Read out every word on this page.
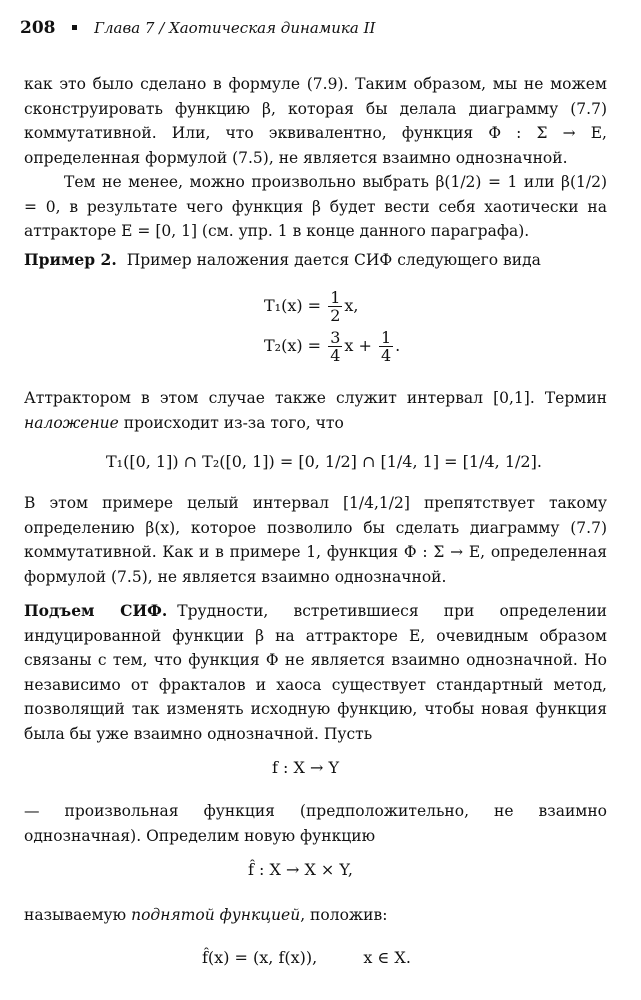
208	Глава 7 / Хаотическая динамика II
как это было сделано в формуле (7.9). Таким образом, мы не можем сконструировать функцию β, которая бы делала диаграмму (7.7) коммутативной. Или, что эквивалентно, функция Φ : Σ → E, определенная формулой (7.5), не является взаимно однозначной.
Тем не менее, можно произвольно выбрать β(1/2) = 1 или β(1/2) = 0, в результате чего функция β будет вести себя хаотически на аттракторе E = [0, 1] (см. упр. 1 в конце данного параграфа).
Пример 2. Пример наложения дается СИФ следующего вида
$T_1(x) = \frac{1}{2} x$,
$T_2(x) = \frac{3}{4}$ $x + \frac{1}{4}$ .
Аттрактором в этом случае также служит интервал [0,1]. Термин наложение происходит из-за того, что
T₁([0, 1]) ∩ T₂([0, 1]) = [0, 1/2] ∩ [1/4, 1] = [1/4, 1/2].
В этом примере целый интервал [1/4,1/2] препятствует такому определению β(x), которое позволило бы сделать диаграмму (7.7) коммутативной. Как и в примере 1, функция Φ : Σ → E, определенная формулой (7.5), не является взаимно однозначной.
Подъем СИФ. Трудности, встретившиеся при определении индуцированной функции β на аттракторе E, очевидным образом связаны с тем, что функция Φ не является взаимно однозначной. Но независимо от фракталов и хаоса существует стандартный метод, позволящий так изменять исходную функцию, чтобы новая функция была бы уже взаимно однозначной. Пусть
f : X → Y
— произвольная функция (предположительно, не взаимно однозначная). Определим новую функцию
f̂ : X → X × Y,
называемую поднятой функцией, положив:
f̂(x) = (x, f(x)),	x ∈ X.
